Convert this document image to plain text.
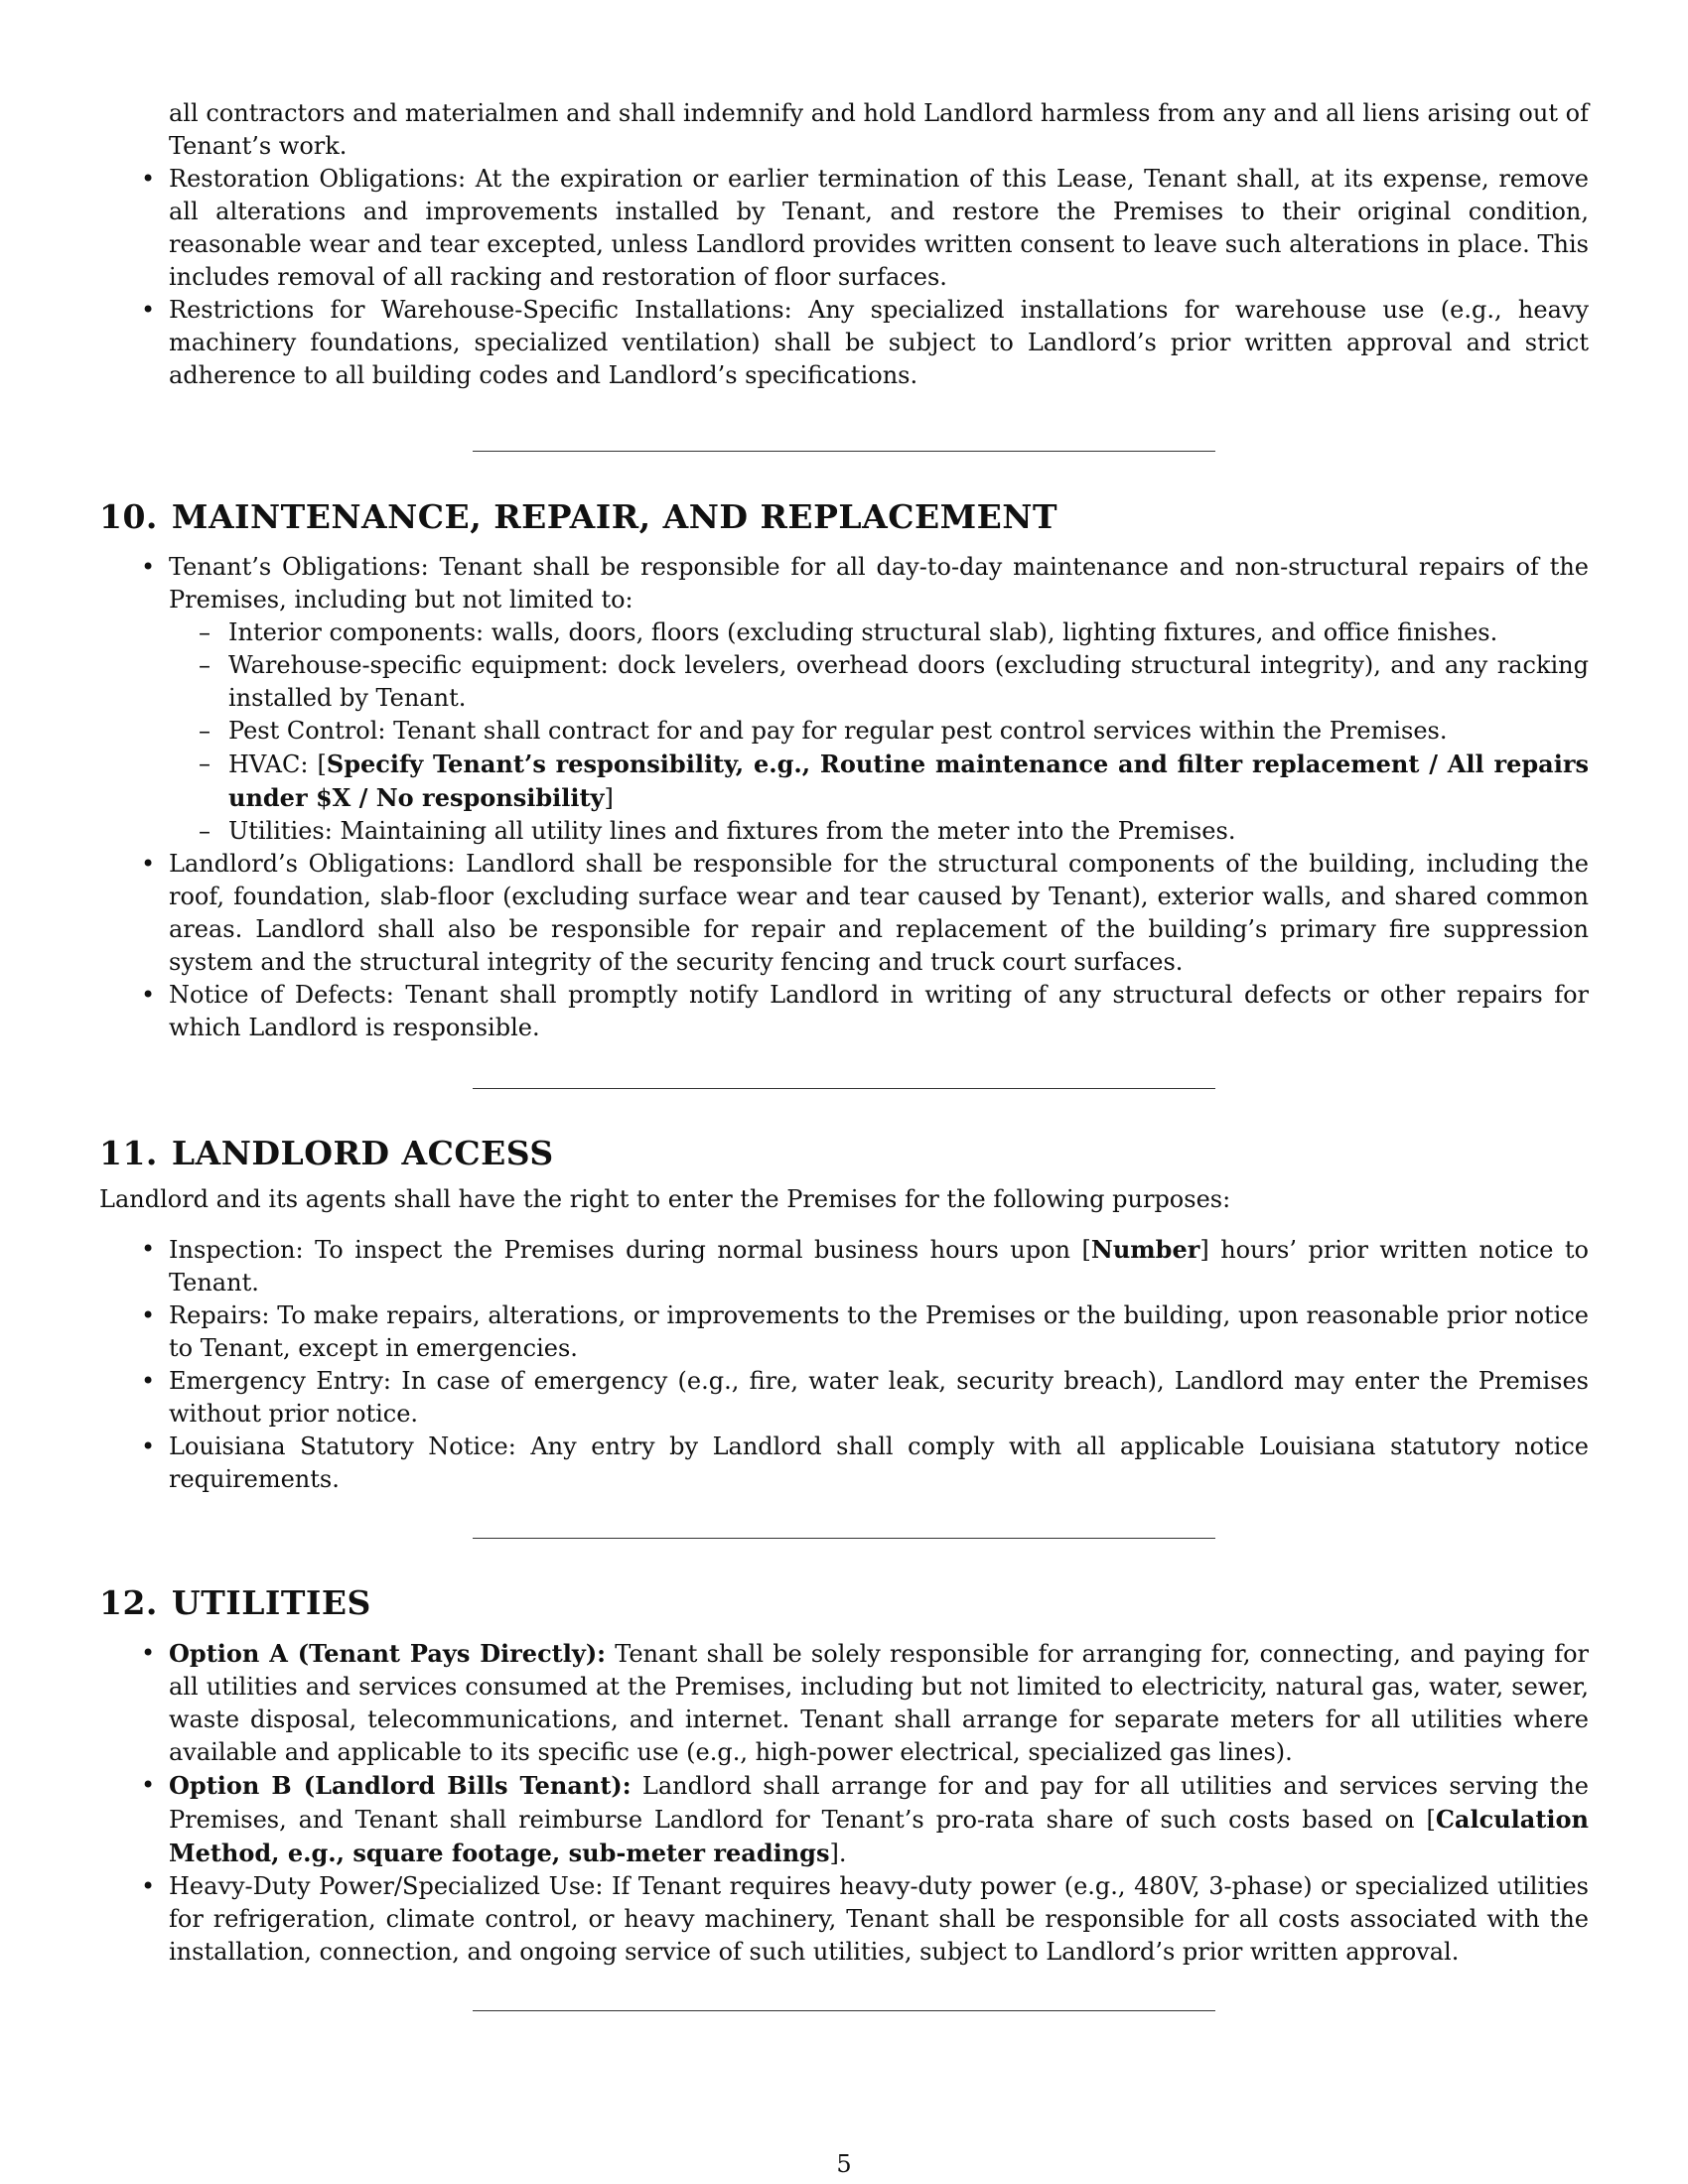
all contractors and materialmen and shall indemnify and hold Landlord harmless from any and all liens arising out of Tenant’s work.

• Restoration Obligations: At the expiration or earlier termination of this Lease, Tenant shall, at its expense, remove all alterations and improvements installed by Tenant, and restore the Premises to their original condition, reasonable wear and tear excepted, unless Landlord provides written consent to leave such alterations in place. This includes removal of all racking and restoration of floor surfaces.
• Restrictions for Warehouse-Specific Installations: Any specialized installations for warehouse use (e.g., heavy machinery foundations, specialized ventilation) shall be subject to Landlord’s prior written approval and strict adherence to all building codes and Landlord’s specifications.
10. MAINTENANCE, REPAIR, AND REPLACEMENT
• Tenant’s Obligations: Tenant shall be responsible for all day-to-day maintenance and non-structural repairs of the Premises, including but not limited to:
– Interior components: walls, doors, floors (excluding structural slab), lighting fixtures, and office finishes.
– Warehouse-specific equipment: dock levelers, overhead doors (excluding structural integrity), and any racking installed by Tenant.
– Pest Control: Tenant shall contract for and pay for regular pest control services within the Premises.
– HVAC: [Specify Tenant’s responsibility, e.g., Routine maintenance and filter replacement / All repairs under $X / No responsibility]
– Utilities: Maintaining all utility lines and fixtures from the meter into the Premises.
• Landlord’s Obligations: Landlord shall be responsible for the structural components of the building, including the roof, foundation, slab-floor (excluding surface wear and tear caused by Tenant), exterior walls, and shared common areas. Landlord shall also be responsible for repair and replacement of the building’s primary fire suppression system and the structural integrity of the security fencing and truck court surfaces.
• Notice of Defects: Tenant shall promptly notify Landlord in writing of any structural defects or other repairs for which Landlord is responsible.
11. LANDLORD ACCESS

Landlord and its agents shall have the right to enter the Premises for the following purposes:

• Inspection: To inspect the Premises during normal business hours upon [Number] hours’ prior written notice to Tenant.
• Repairs: To make repairs, alterations, or improvements to the Premises or the building, upon reasonable prior notice to Tenant, except in emergencies.
• Emergency Entry: In case of emergency (e.g., fire, water leak, security breach), Landlord may enter the Premises without prior notice.
• Louisiana Statutory Notice: Any entry by Landlord shall comply with all applicable Louisiana statutory notice requirements.
12. UTILITIES
• Option A (Tenant Pays Directly): Tenant shall be solely responsible for arranging for, connecting, and paying for all utilities and services consumed at the Premises, including but not limited to electricity, natural gas, water, sewer, waste disposal, telecommunications, and internet. Tenant shall arrange for separate meters for all utilities where available and applicable to its specific use (e.g., high-power electrical, specialized gas lines).
• Option B (Landlord Bills Tenant): Landlord shall arrange for and pay for all utilities and services serving the Premises, and Tenant shall reimburse Landlord for Tenant’s pro-rata share of such costs based on [Calculation Method, e.g., square footage, sub-meter readings].
• Heavy-Duty Power/Specialized Use: If Tenant requires heavy-duty power (e.g., 480V, 3-phase) or specialized utilities for refrigeration, climate control, or heavy machinery, Tenant shall be responsible for all costs associated with the installation, connection, and ongoing service of such utilities, subject to Landlord’s prior written approval.
5
